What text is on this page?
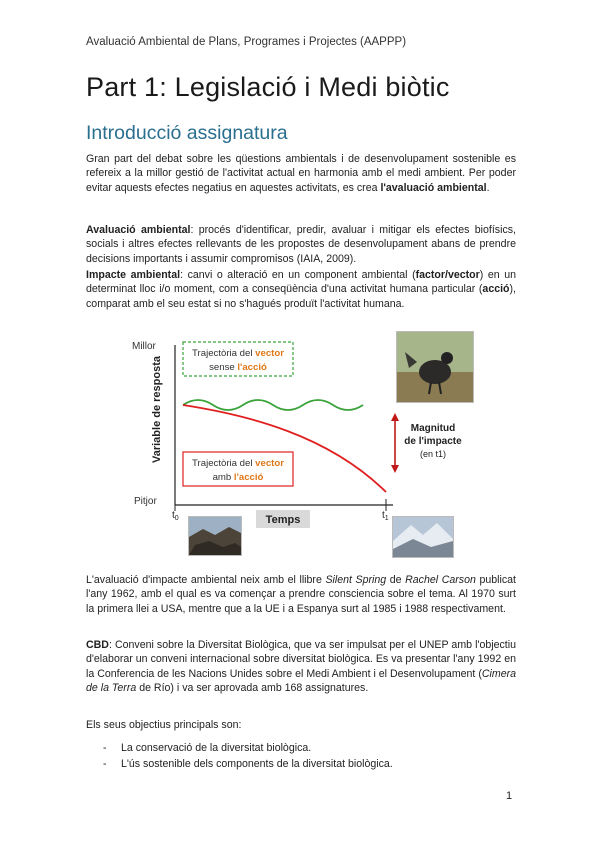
Avaluació Ambiental de Plans, Programes i Projectes (AAPPP)
Part 1: Legislació i Medi biòtic
Introducció assignatura
Gran part del debat sobre les qüestions ambientals i de desenvolupament sostenible es refereix a la millor gestió de l'activitat actual en harmonia amb el medi ambient. Per poder evitar aquests efectes negatius en aquestes activitats, es crea l'avaluació ambiental.
Avaluació ambiental: procés d'identificar, predir, avaluar i mitigar els efectes biofísics, socials i altres efectes rellevants de les propostes de desenvolupament abans de prendre decisions importants i assumir compromisos (IAIA, 2009).
Impacte ambiental: canvi o alteració en un component ambiental (factor/vector) en un determinat lloc i/o moment, com a conseqüència d'una activitat humana particular (acció), comparat amb el seu estat si no s'hagués produït l'activitat humana.
Millor
Pitjor
Variable de resposta
$t_0$	$t_1$
Temps
Trajectòria del vector
sense l'acció
Trajectòria del vector
amb l'acció
Magnitud
de l'impacte
(en t1)
L'avaluació d'impacte ambiental neix amb el llibre Silent Spring de Rachel Carson publicat l'any 1962, amb el qual es va començar a prendre consciencia sobre el tema. Al 1970 surt la primera llei a USA, mentre que a la UE i a Espanya surt al 1985 i 1988 respectivament.
CBD: Conveni sobre la Diversitat Biològica, que va ser impulsat per el UNEP amb l'objectiu d'elaborar un conveni internacional sobre diversitat biològica. Es va presentar l'any 1992 en la Conferencia de les Nacions Unides sobre el Medi Ambient i el Desenvolupament (Cimera de la Terra de Río) i va ser aprovada amb 168 assignatures.
Els seus objectius principals son:
- La conservació de la diversitat biològica.
- L'ús sostenible dels components de la diversitat biològica.
1
